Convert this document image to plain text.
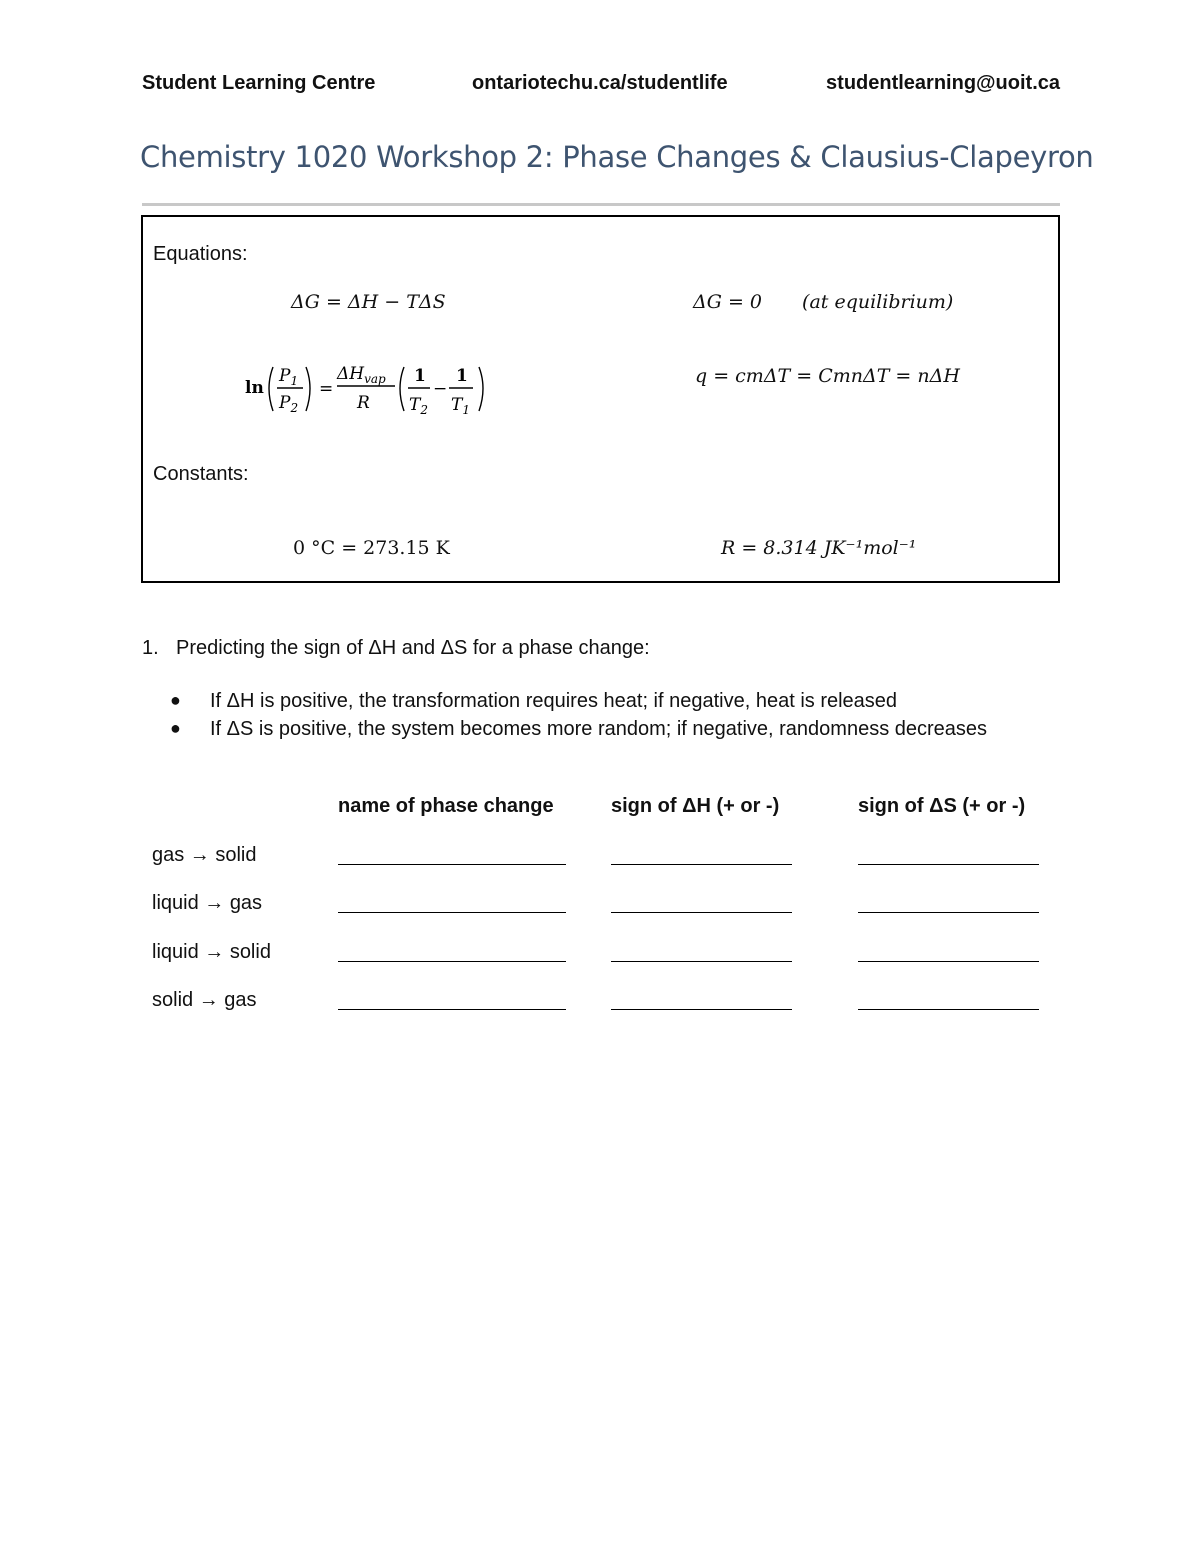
Student Learning Centre	ontariotechu.ca/studentlife	studentlearning@uoit.ca
Chemistry 1020 Workshop 2: Phase Changes & Clausius-Clapeyron
Equations:
ΔG = ΔH − TΔS	ΔG = 0 (at equilibrium)
ln
$P_1$
$P_2$
=
$\Delta H_{vap}$
R
1
$T_2$
−
1
$T_1$
q = cmΔT = CmnΔT = nΔH
Constants:
0 °C = 273.15 K	R = 8.314 JK⁻¹mol⁻¹
1. Predicting the sign of ΔH and ΔS for a phase change:
● If ΔH is positive, the transformation requires heat; if negative, heat is released
● If ΔS is positive, the system becomes more random; if negative, randomness decreases
name of phase change	sign of ΔH (+ or -)	sign of ΔS (+ or -)
gas → solid
liquid → gas
liquid → solid
solid → gas
